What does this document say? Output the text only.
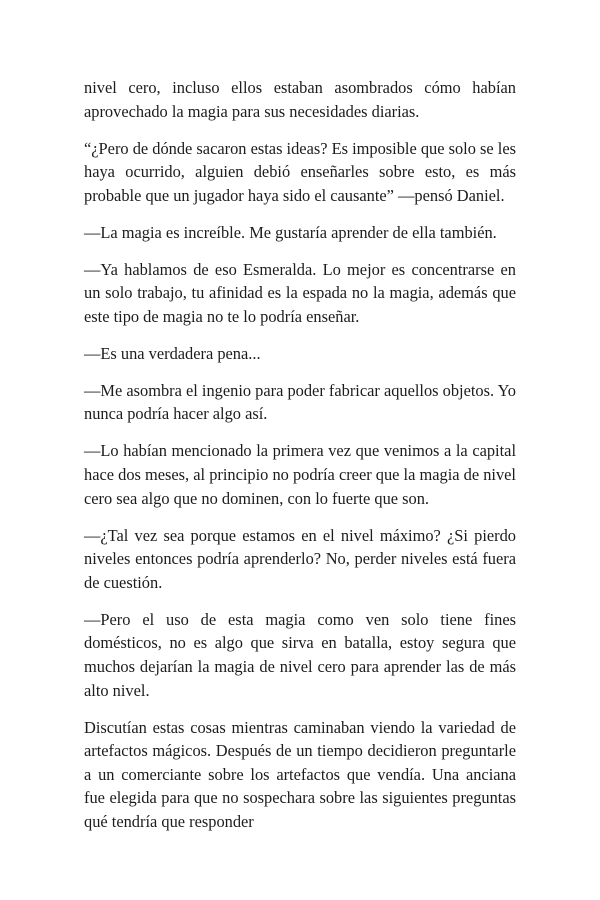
nivel cero, incluso ellos estaban asombrados cómo habían aprovechado la magia para sus necesidades diarias.

“¿Pero de dónde sacaron estas ideas? Es imposible que solo se les haya ocurrido, alguien debió enseñarles sobre esto, es más probable que un jugador haya sido el causante” —pensó Daniel.

—La magia es increíble. Me gustaría aprender de ella también.

—Ya hablamos de eso Esmeralda. Lo mejor es concentrarse en un solo trabajo, tu afinidad es la espada no la magia, además que este tipo de magia no te lo podría enseñar.

—Es una verdadera pena...

—Me asombra el ingenio para poder fabricar aquellos objetos. Yo nunca podría hacer algo así.

—Lo habían mencionado la primera vez que venimos a la capital hace dos meses, al principio no podría creer que la magia de nivel cero sea algo que no dominen, con lo fuerte que son.

—¿Tal vez sea porque estamos en el nivel máximo? ¿Si pierdo niveles entonces podría aprenderlo? No, perder niveles está fuera de cuestión.

—Pero el uso de esta magia como ven solo tiene fines domésticos, no es algo que sirva en batalla, estoy segura que muchos dejarían la magia de nivel cero para aprender las de más alto nivel.

Discutían estas cosas mientras caminaban viendo la variedad de artefactos mágicos. Después de un tiempo decidieron preguntarle a un comerciante sobre los artefactos que vendía. Una anciana fue elegida para que no sospechara sobre las siguientes preguntas qué tendría que responder
